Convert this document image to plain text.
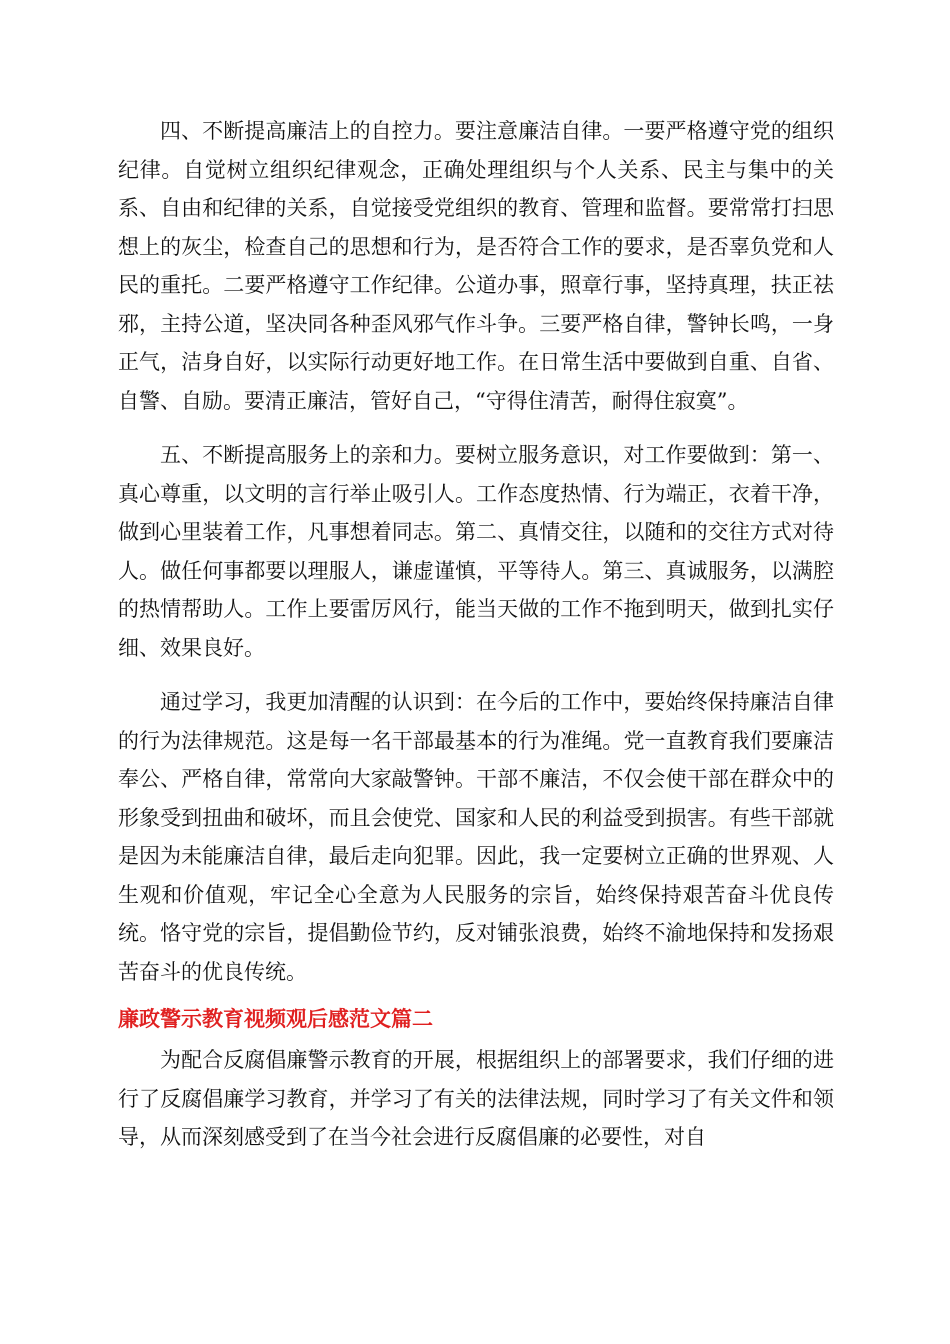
四、不断提高廉洁上的自控力。要注意廉洁自律。一要严格遵守党的组织纪律。自觉树立组织纪律观念，正确处理组织与个人关系、民主与集中的关系、自由和纪律的关系，自觉接受党组织的教育、管理和监督。要常常打扫思想上的灰尘，检查自己的思想和行为，是否符合工作的要求，是否辜负党和人民的重托。二要严格遵守工作纪律。公道办事，照章行事，坚持真理，扶正祛邪，主持公道，坚决同各种歪风邪气作斗争。三要严格自律，警钟长鸣，一身正气，洁身自好，以实际行动更好地工作。在日常生活中要做到自重、自省、自警、自励。要清正廉洁，管好自己，“守得住清苦，耐得住寂寞”。

五、不断提高服务上的亲和力。要树立服务意识，对工作要做到：第一、真心尊重，以文明的言行举止吸引人。工作态度热情、行为端正，衣着干净，做到心里装着工作，凡事想着同志。第二、真情交往，以随和的交往方式对待人。做任何事都要以理服人，谦虚谨慎，平等待人。第三、真诚服务，以满腔的热情帮助人。工作上要雷厉风行，能当天做的工作不拖到明天，做到扎实仔细、效果良好。

通过学习，我更加清醒的认识到：在今后的工作中，要始终保持廉洁自律的行为法律规范。这是每一名干部最基本的行为准绳。党一直教育我们要廉洁奉公、严格自律，常常向大家敲警钟。干部不廉洁，不仅会使干部在群众中的形象受到扭曲和破坏，而且会使党、国家和人民的利益受到损害。有些干部就是因为未能廉洁自律，最后走向犯罪。因此，我一定要树立正确的世界观、人生观和价值观，牢记全心全意为人民服务的宗旨，始终保持艰苦奋斗优良传统。恪守党的宗旨，提倡勤俭节约，反对铺张浪费，始终不渝地保持和发扬艰苦奋斗的优良传统。

廉政警示教育视频观后感范文篇二

为配合反腐倡廉警示教育的开展，根据组织上的部署要求，我们仔细的进行了反腐倡廉学习教育，并学习了有关的法律法规，同时学习了有关文件和领导，从而深刻感受到了在当今社会进行反腐倡廉的必要性，对自
